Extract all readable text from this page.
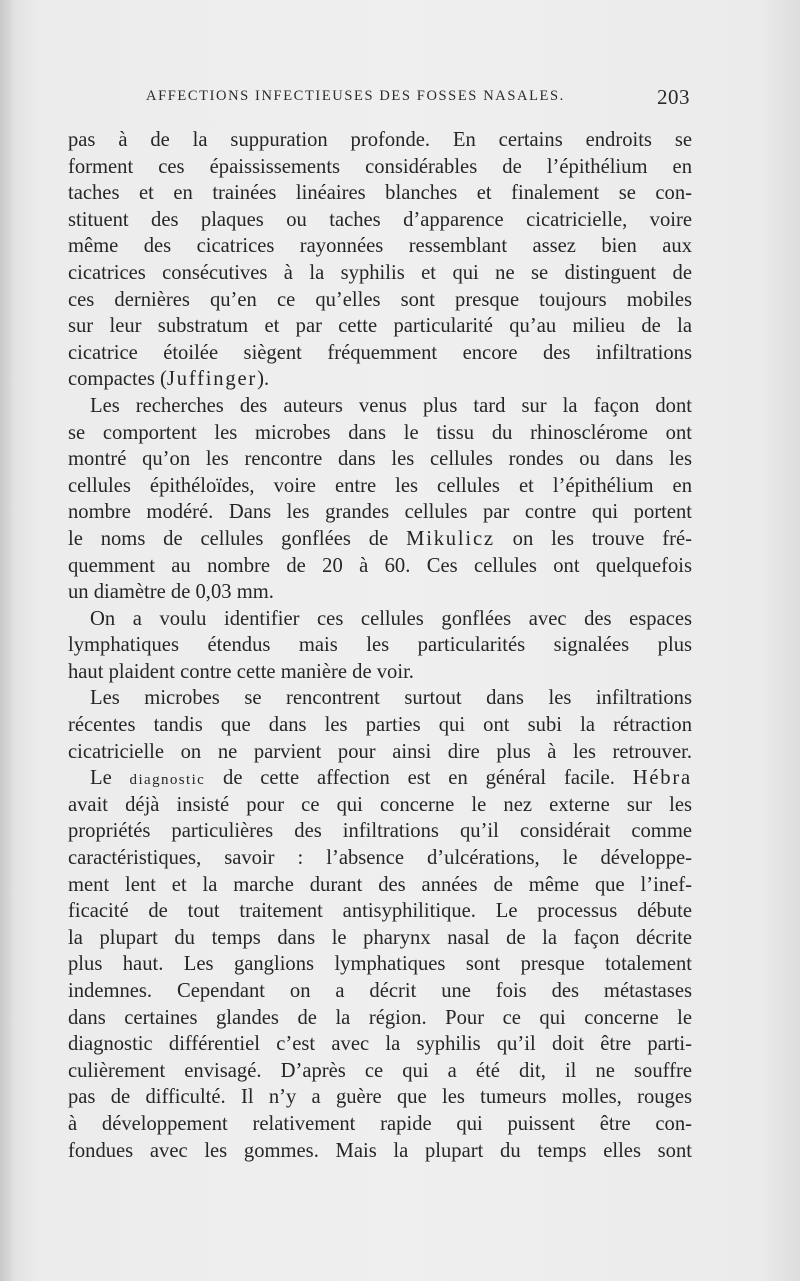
AFFECTIONS INFECTIEUSES DES FOSSES NASALES.	203
pas à de la suppuration profonde. En certains endroits se
forment ces épaississements considérables de l’épithélium en
taches et en trainées linéaires blanches et finalement se con-
stituent des plaques ou taches d’apparence cicatricielle, voire
même des cicatrices rayonnées ressemblant assez bien aux
cicatrices consécutives à la syphilis et qui ne se distinguent de
ces dernières qu’en ce qu’elles sont presque toujours mobiles
sur leur substratum et par cette particularité qu’au milieu de la
cicatrice étoilée siègent fréquemment encore des infiltrations
compactes (Juffinger).
Les recherches des auteurs venus plus tard sur la façon dont
se comportent les microbes dans le tissu du rhinosclérome ont
montré qu’on les rencontre dans les cellules rondes ou dans les
cellules épithéloïdes, voire entre les cellules et l’épithélium en
nombre modéré. Dans les grandes cellules par contre qui portent
le noms de cellules gonflées de Mikulicz on les trouve fré-
quemment au nombre de 20 à 60. Ces cellules ont quelquefois
un diamètre de 0,03 mm.
On a voulu identifier ces cellules gonflées avec des espaces
lymphatiques étendus mais les particularités signalées plus
haut plaident contre cette manière de voir.
Les microbes se rencontrent surtout dans les infiltrations
récentes tandis que dans les parties qui ont subi la rétraction
cicatricielle on ne parvient pour ainsi dire plus à les retrouver.
Le diagnostic de cette affection est en général facile. Hébra
avait déjà insisté pour ce qui concerne le nez externe sur les
propriétés particulières des infiltrations qu’il considérait comme
caractéristiques, savoir : l’absence d’ulcérations, le développe-
ment lent et la marche durant des années de même que l’inef-
ficacité de tout traitement antisyphilitique. Le processus débute
la plupart du temps dans le pharynx nasal de la façon décrite
plus haut. Les ganglions lymphatiques sont presque totalement
indemnes. Cependant on a décrit une fois des métastases
dans certaines glandes de la région. Pour ce qui concerne le
diagnostic différentiel c’est avec la syphilis qu’il doit être parti-
culièrement envisagé. D’après ce qui a été dit, il ne souffre
pas de difficulté. Il n’y a guère que les tumeurs molles, rouges
à développement relativement rapide qui puissent être con-
fondues avec les gommes. Mais la plupart du temps elles sont
